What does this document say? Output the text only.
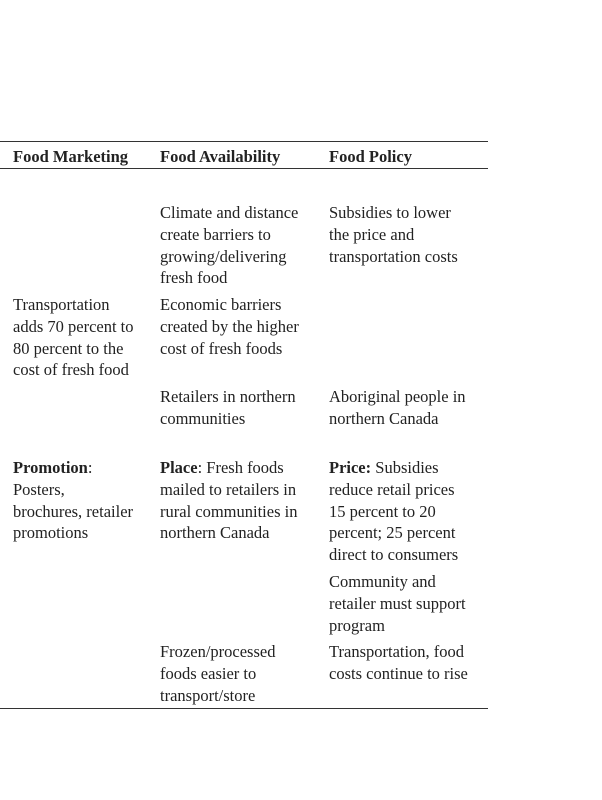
Food Marketing	Food Availability	Food Policy
Climate and distance
create barriers to
growing/delivering
fresh food
Subsidies to lower
the price and
transportation costs
Transportation
adds 70 percent to
80 percent to the
cost of fresh food
Economic barriers
created by the higher
cost of fresh foods
Retailers in northern
communities
Aboriginal people in
northern Canada
Promotion:
Posters,
brochures, retailer
promotions
Place: Fresh foods
mailed to retailers in
rural communities in
northern Canada
Price: Subsidies
reduce retail prices
15 percent to 20
percent; 25 percent
direct to consumers
Community and
retailer must support
program
Frozen/processed
foods easier to
transport/store
Transportation, food
costs continue to rise
